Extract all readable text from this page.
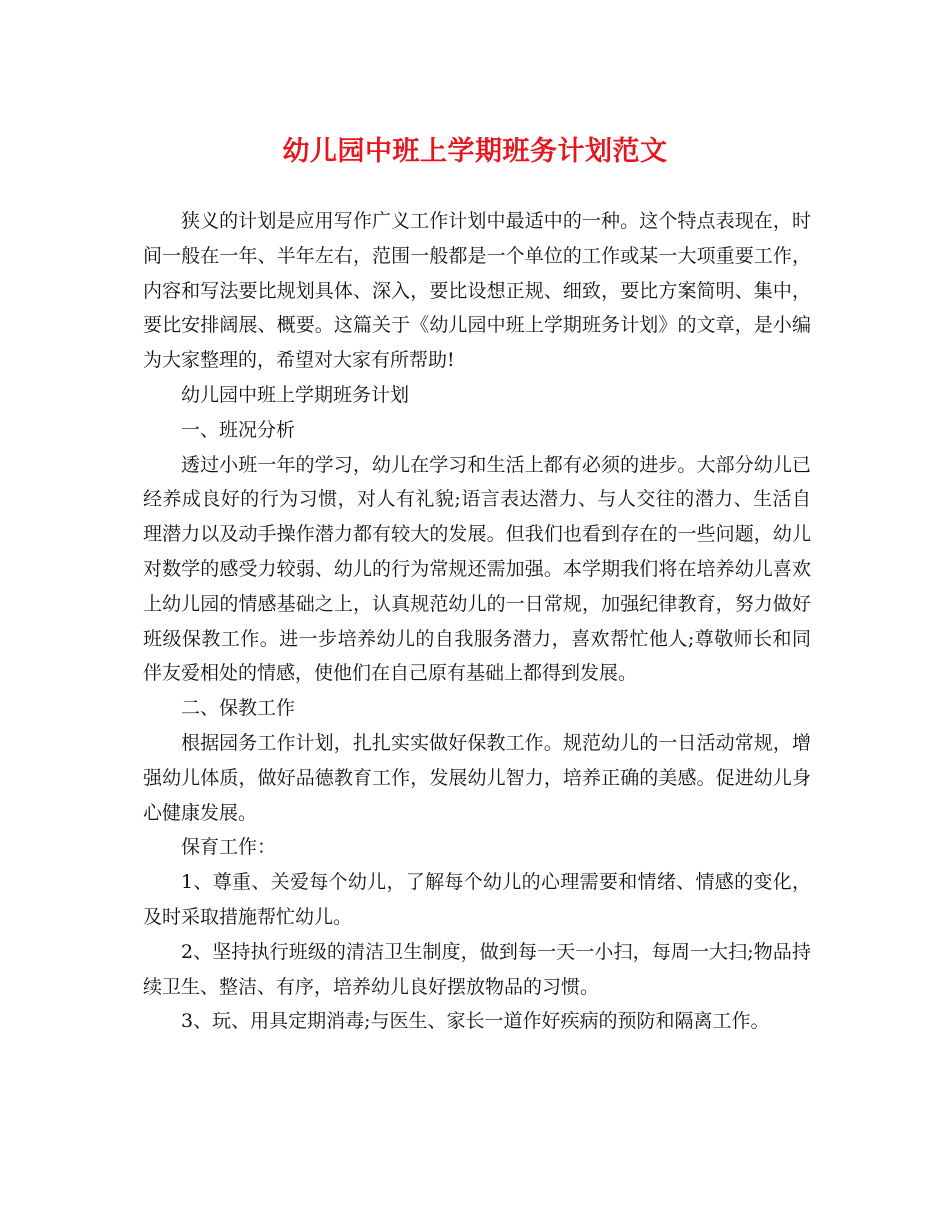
幼儿园中班上学期班务计划范文

狭义的计划是应用写作广义工作计划中最适中的一种。这个特点表现在，时间一般在一年、半年左右，范围一般都是一个单位的工作或某一大项重要工作，内容和写法要比规划具体、深入，要比设想正规、细致，要比方案简明、集中，要比安排阔展、概要。这篇关于《幼儿园中班上学期班务计划》的文章，是小编为大家整理的，希望对大家有所帮助!

幼儿园中班上学期班务计划

一、班况分析

透过小班一年的学习，幼儿在学习和生活上都有必须的进步。大部分幼儿已经养成良好的行为习惯，对人有礼貌;语言表达潜力、与人交往的潜力、生活自理潜力以及动手操作潜力都有较大的发展。但我们也看到存在的一些问题，幼儿对数学的感受力较弱、幼儿的行为常规还需加强。本学期我们将在培养幼儿喜欢上幼儿园的情感基础之上，认真规范幼儿的一日常规，加强纪律教育，努力做好班级保教工作。进一步培养幼儿的自我服务潜力，喜欢帮忙他人;尊敬师长和同伴友爱相处的情感，使他们在自己原有基础上都得到发展。

二、保教工作

根据园务工作计划，扎扎实实做好保教工作。规范幼儿的一日活动常规，增强幼儿体质，做好品德教育工作，发展幼儿智力，培养正确的美感。促进幼儿身心健康发展。

保育工作：

1、尊重、关爱每个幼儿，了解每个幼儿的心理需要和情绪、情感的变化，及时采取措施帮忙幼儿。

2、坚持执行班级的清洁卫生制度，做到每一天一小扫，每周一大扫;物品持续卫生、整洁、有序，培养幼儿良好摆放物品的习惯。

3、玩、用具定期消毒;与医生、家长一道作好疾病的预防和隔离工作。
